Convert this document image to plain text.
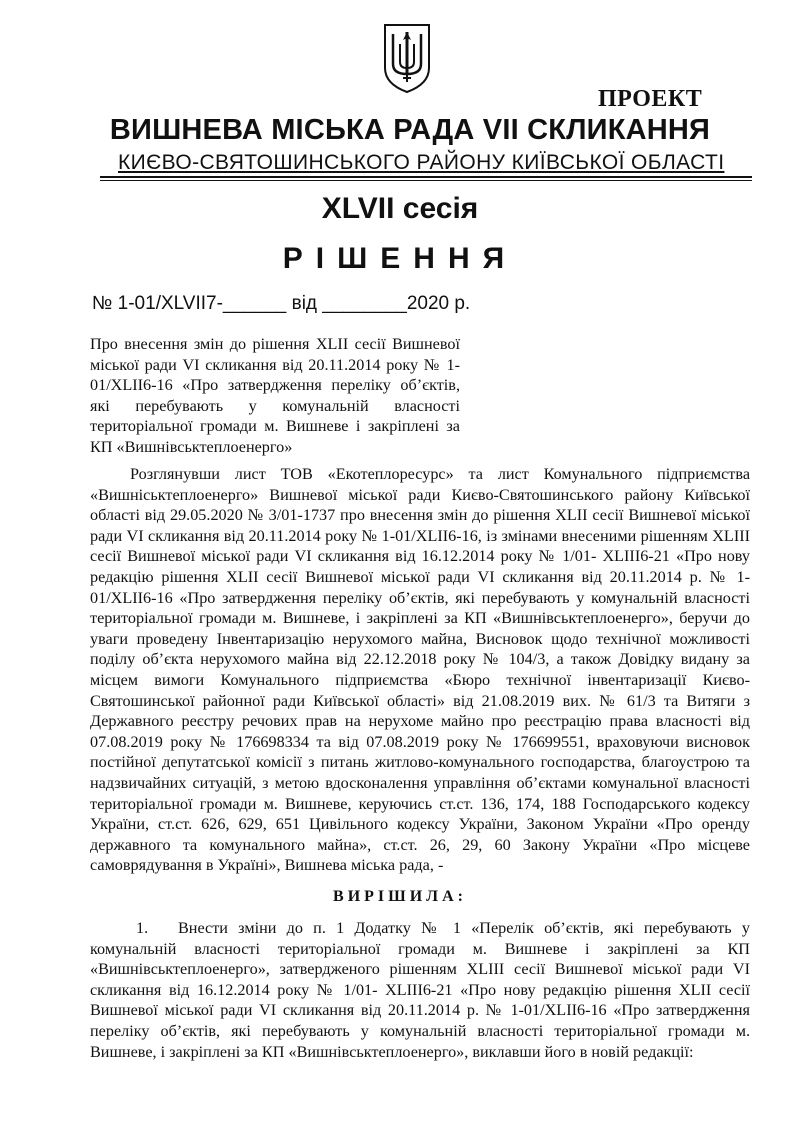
ПРОЕКТ
ВИШНЕВА МІСЬКА РАДА VII СКЛИКАННЯ
КИЄВО-СВЯТОШИНСЬКОГО РАЙОНУ КИЇВСЬКОЇ ОБЛАСТІ
XLVII сесія
РІШЕННЯ
№ 1-01/XLVII7-______ від ________2020 р.
Про внесення змін до рішення XLII сесії Вишневої міської ради VI скликання від 20.11.2014 року № 1-01/XLII6-16 «Про затвердження переліку об’єктів, які перебувають у комунальній власності територіальної громади м. Вишневе і закріплені за КП «Вишнівськтеплоенерго»
Розглянувши лист ТОВ «Екотеплоресурс» та лист Комунального підприємства «Вишніськтеплоенерго» Вишневої міської ради Києво-Святошинського району Київської області від 29.05.2020 № 3/01-1737 про внесення змін до рішення XLII сесії Вишневої міської ради VI скликання від 20.11.2014 року № 1-01/XLII6-16, із змінами внесеними рішенням XLIII сесії Вишневої міської ради VI скликання від 16.12.2014 року № 1/01- XLIII6-21 «Про нову редакцію рішення XLII сесії Вишневої міської ради VI скликання від 20.11.2014 р. № 1-01/XLII6-16 «Про затвердження переліку об’єктів, які перебувають у комунальній власності територіальної громади м. Вишневе, і закріплені за КП «Вишнівськтеплоенерго», беручи до уваги проведену Інвентаризацію нерухомого майна, Висновок щодо технічної можливості поділу об’єкта нерухомого майна від 22.12.2018 року № 104/3, а також Довідку видану за місцем вимоги Комунального підприємства «Бюро технічної інвентаризації Києво-Святошинської районної ради Київської області» від 21.08.2019 вих. № 61/3 та Витяги з Державного реєстру речових прав на нерухоме майно про реєстрацію права власності від 07.08.2019 року № 176698334 та від 07.08.2019 року № 176699551, враховуючи висновок постійної депутатської комісії з питань житлово-комунального господарства, благоустрою та надзвичайних ситуацій, з метою вдосконалення управління об’єктами комунальної власності територіальної громади м. Вишневе, керуючись ст.ст. 136, 174, 188 Господарського кодексу України, ст.ст. 626, 629, 651 Цивільного кодексу України, Законом України «Про оренду державного та комунального майна», ст.ст. 26, 29, 60 Закону України «Про місцеве самоврядування в Україні», Вишнева міська рада, -
ВИРІШИЛА:
1. Внести зміни до п. 1 Додатку № 1 «Перелік об’єктів, які перебувають у комунальній власності територіальної громади м. Вишневе і закріплені за КП «Вишнівськтеплоенерго», затвердженого рішенням XLIII сесії Вишневої міської ради VI скликання від 16.12.2014 року № 1/01- XLIII6-21 «Про нову редакцію рішення XLII сесії Вишневої міської ради VI скликання від 20.11.2014 р. № 1-01/XLII6-16 «Про затвердження переліку об’єктів, які перебувають у комунальній власності територіальної громади м. Вишневе, і закріплені за КП «Вишнівськтеплоенерго», виклавши його в новій редакції:
